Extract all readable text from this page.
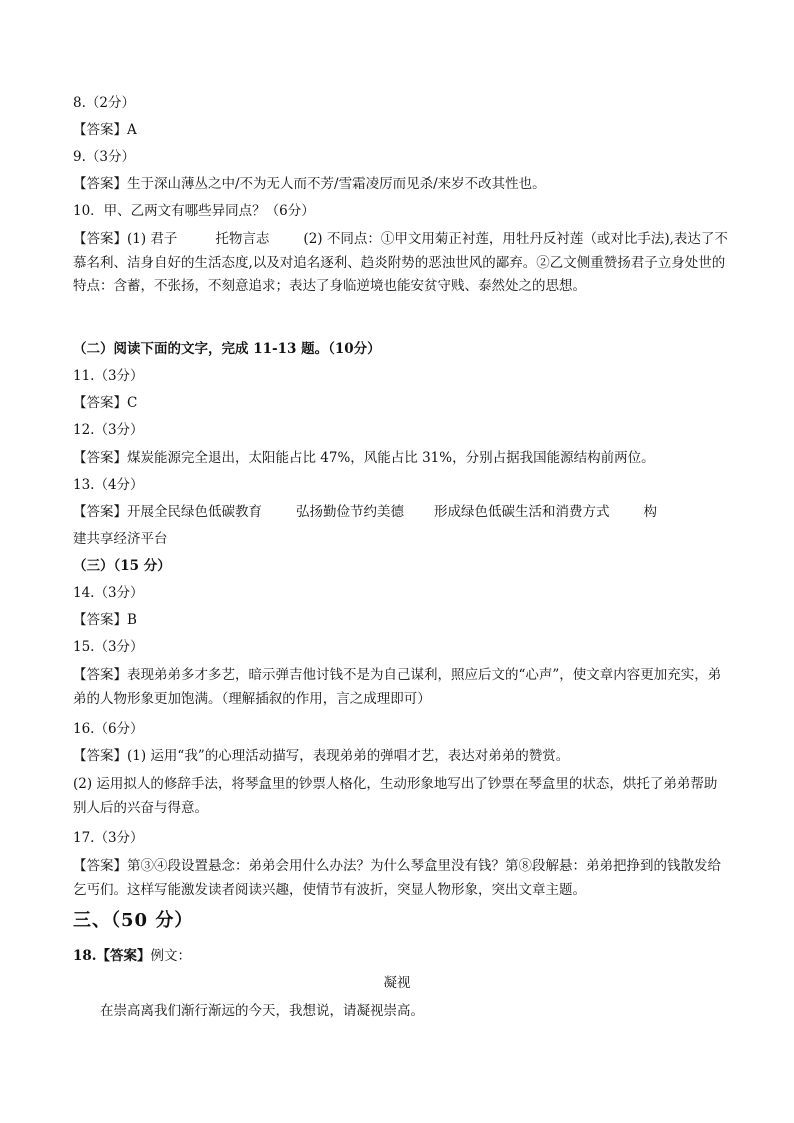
8.（2分）
【答案】A
9.（3分）
【答案】生于深山薄丛之中/不为无人而不芳/雪霜凌厉而见杀/来岁不改其性也。
10．甲、乙两文有哪些异同点？（6分）
【答案】(1) 君子	托物言志	(2) 不同点：①甲文用菊正衬莲，用牡丹反衬莲（或对比手法),表达了不慕名利、洁身自好的生活态度,以及对追名逐利、趋炎附势的恶浊世风的鄙弃。②乙文侧重赞扬君子立身处世的特点：含蓄，不张扬，不刻意追求；表达了身临逆境也能安贫守贱、泰然处之的思想。
（二）阅读下面的文字，完成 11-13 题。（10分）
11.（3分）
【答案】C
12.（3分）
【答案】煤炭能源完全退出，太阳能占比 47%，风能占比 31%，分别占据我国能源结构前两位。
13.（4分）
【答案】开展全民绿色低碳教育	弘扬勤俭节约美德 形成绿色低碳生活和消费方式	构
建共享经济平台
（三）（15 分）
14.（3分）
【答案】B
15.（3分）
【答案】表现弟弟多才多艺，暗示弹吉他讨钱不是为自己谋利，照应后文的“心声”，使文章内容更加充实，弟弟的人物形象更加饱满。（理解插叙的作用，言之成理即可）
16.（6分）
【答案】(1) 运用“我”的心理活动描写，表现弟弟的弹唱才艺，表达对弟弟的赞赏。
(2) 运用拟人的修辞手法，将琴盒里的钞票人格化，生动形象地写出了钞票在琴盒里的状态，烘托了弟弟帮助别人后的兴奋与得意。
17.（3分）
【答案】第③④段设置悬念：弟弟会用什么办法？为什么琴盒里没有钱？第⑧段解悬：弟弟把挣到的钱散发给乞丐们。这样写能激发读者阅读兴趣，使情节有波折，突显人物形象，突出文章主题。
三、（50 分）
18.【答案】例文：
凝视
在崇高离我们渐行渐远的今天，我想说，请凝视崇高。
